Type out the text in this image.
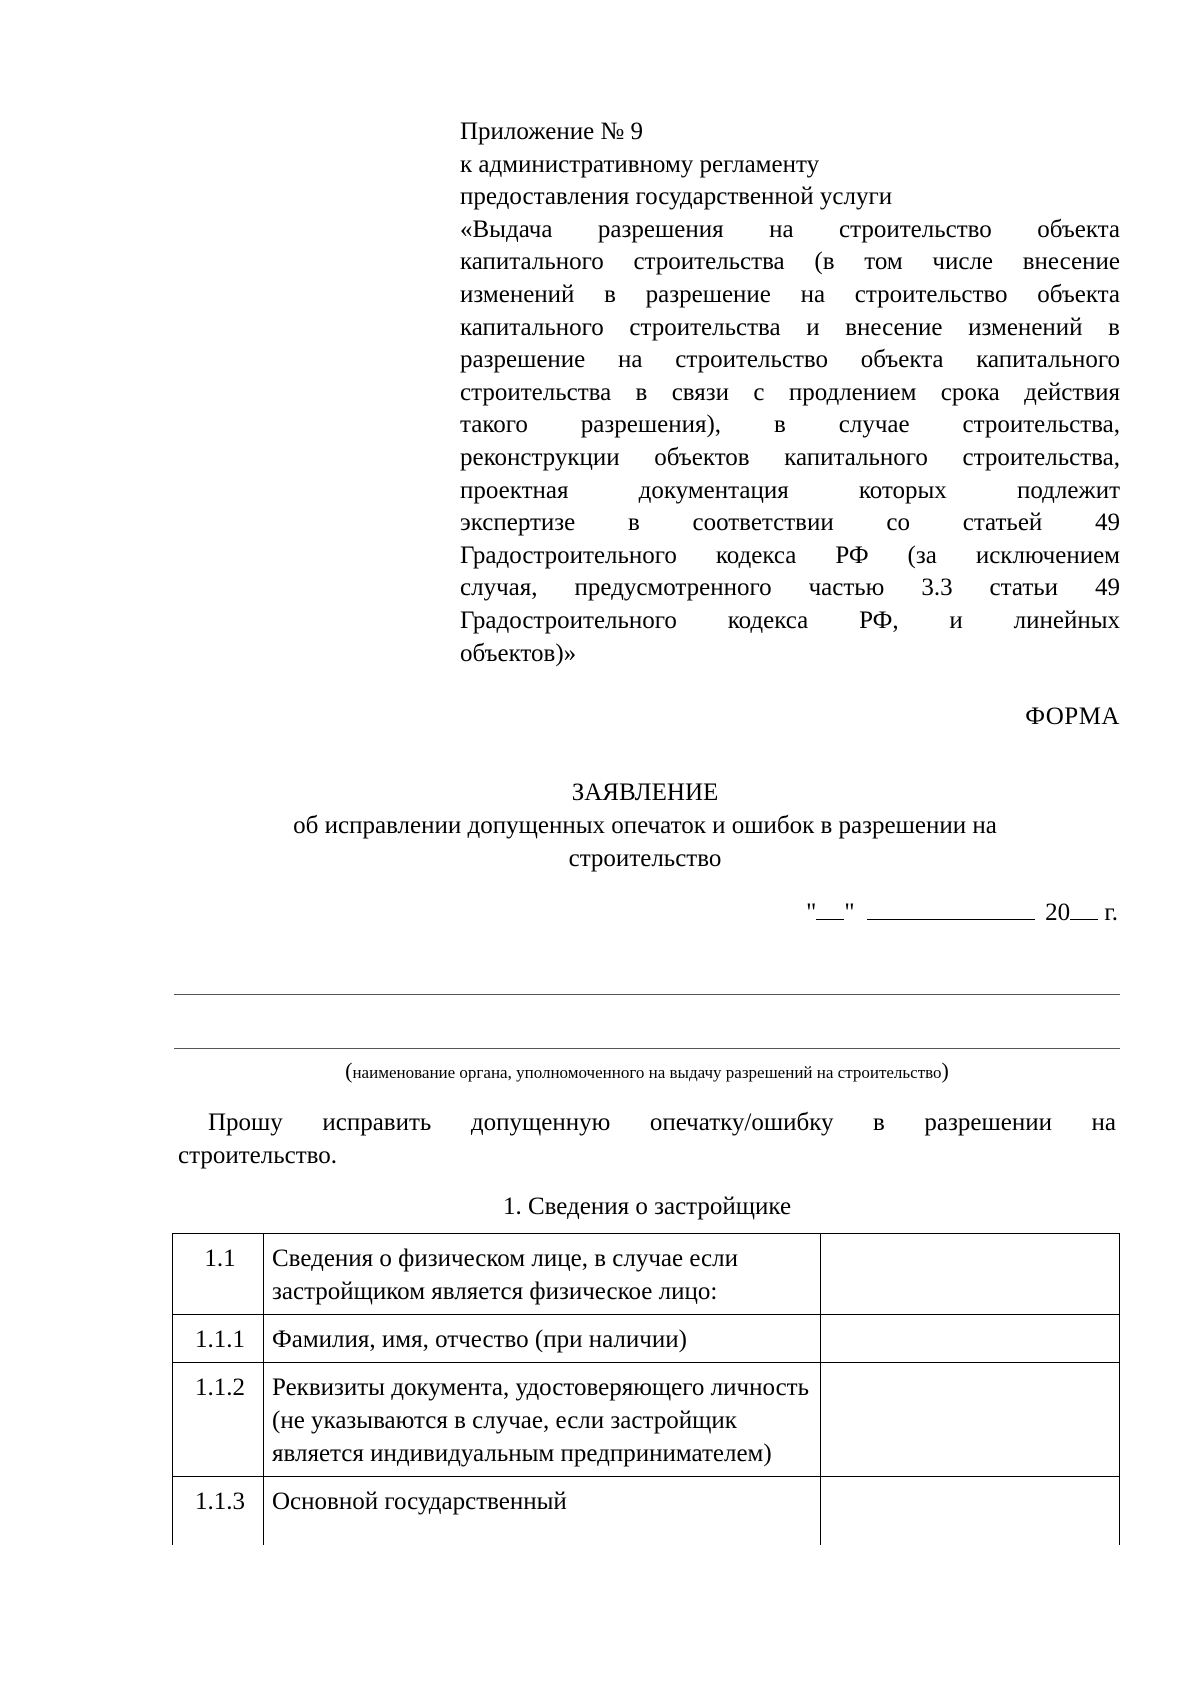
Приложение № 9
к административному регламенту
предоставления государственной услуги
«Выдача разрешения на строительство объекта
капитального строительства (в том числе внесение
изменений в разрешение на строительство объекта
капитального строительства и внесение изменений в
разрешение на строительство объекта капитального
строительства в связи с продлением срока действия
такого разрешения), в случае строительства,
реконструкции объектов капитального строительства,
проектная документация которых подлежит
экспертизе в соответствии со статьей 49
Градостроительного кодекса РФ (за исключением
случая, предусмотренного частью 3.3 статьи 49
Градостроительного кодекса РФ, и линейных
объектов)»
ФОРМА
ЗАЯВЛЕНИЕ
об исправлении допущенных опечаток и ошибок в разрешении на
строительство
" "	20 г.
(наименование органа, уполномоченного на выдачу разрешений на строительство)
Прошу исправить допущенную опечатку/ошибку в разрешении на
строительство.
1. Сведения о застройщике
1.1	Сведения о физическом лице, в случае если застройщиком является физическое лицо:	
1.1.1	Фамилия, имя, отчество (при наличии)	
1.1.2	Реквизиты документа, удостоверяющего личность (не указываются в случае, если застройщик является индивидуальным предпринимателем)	
1.1.3	Основной государственный	
